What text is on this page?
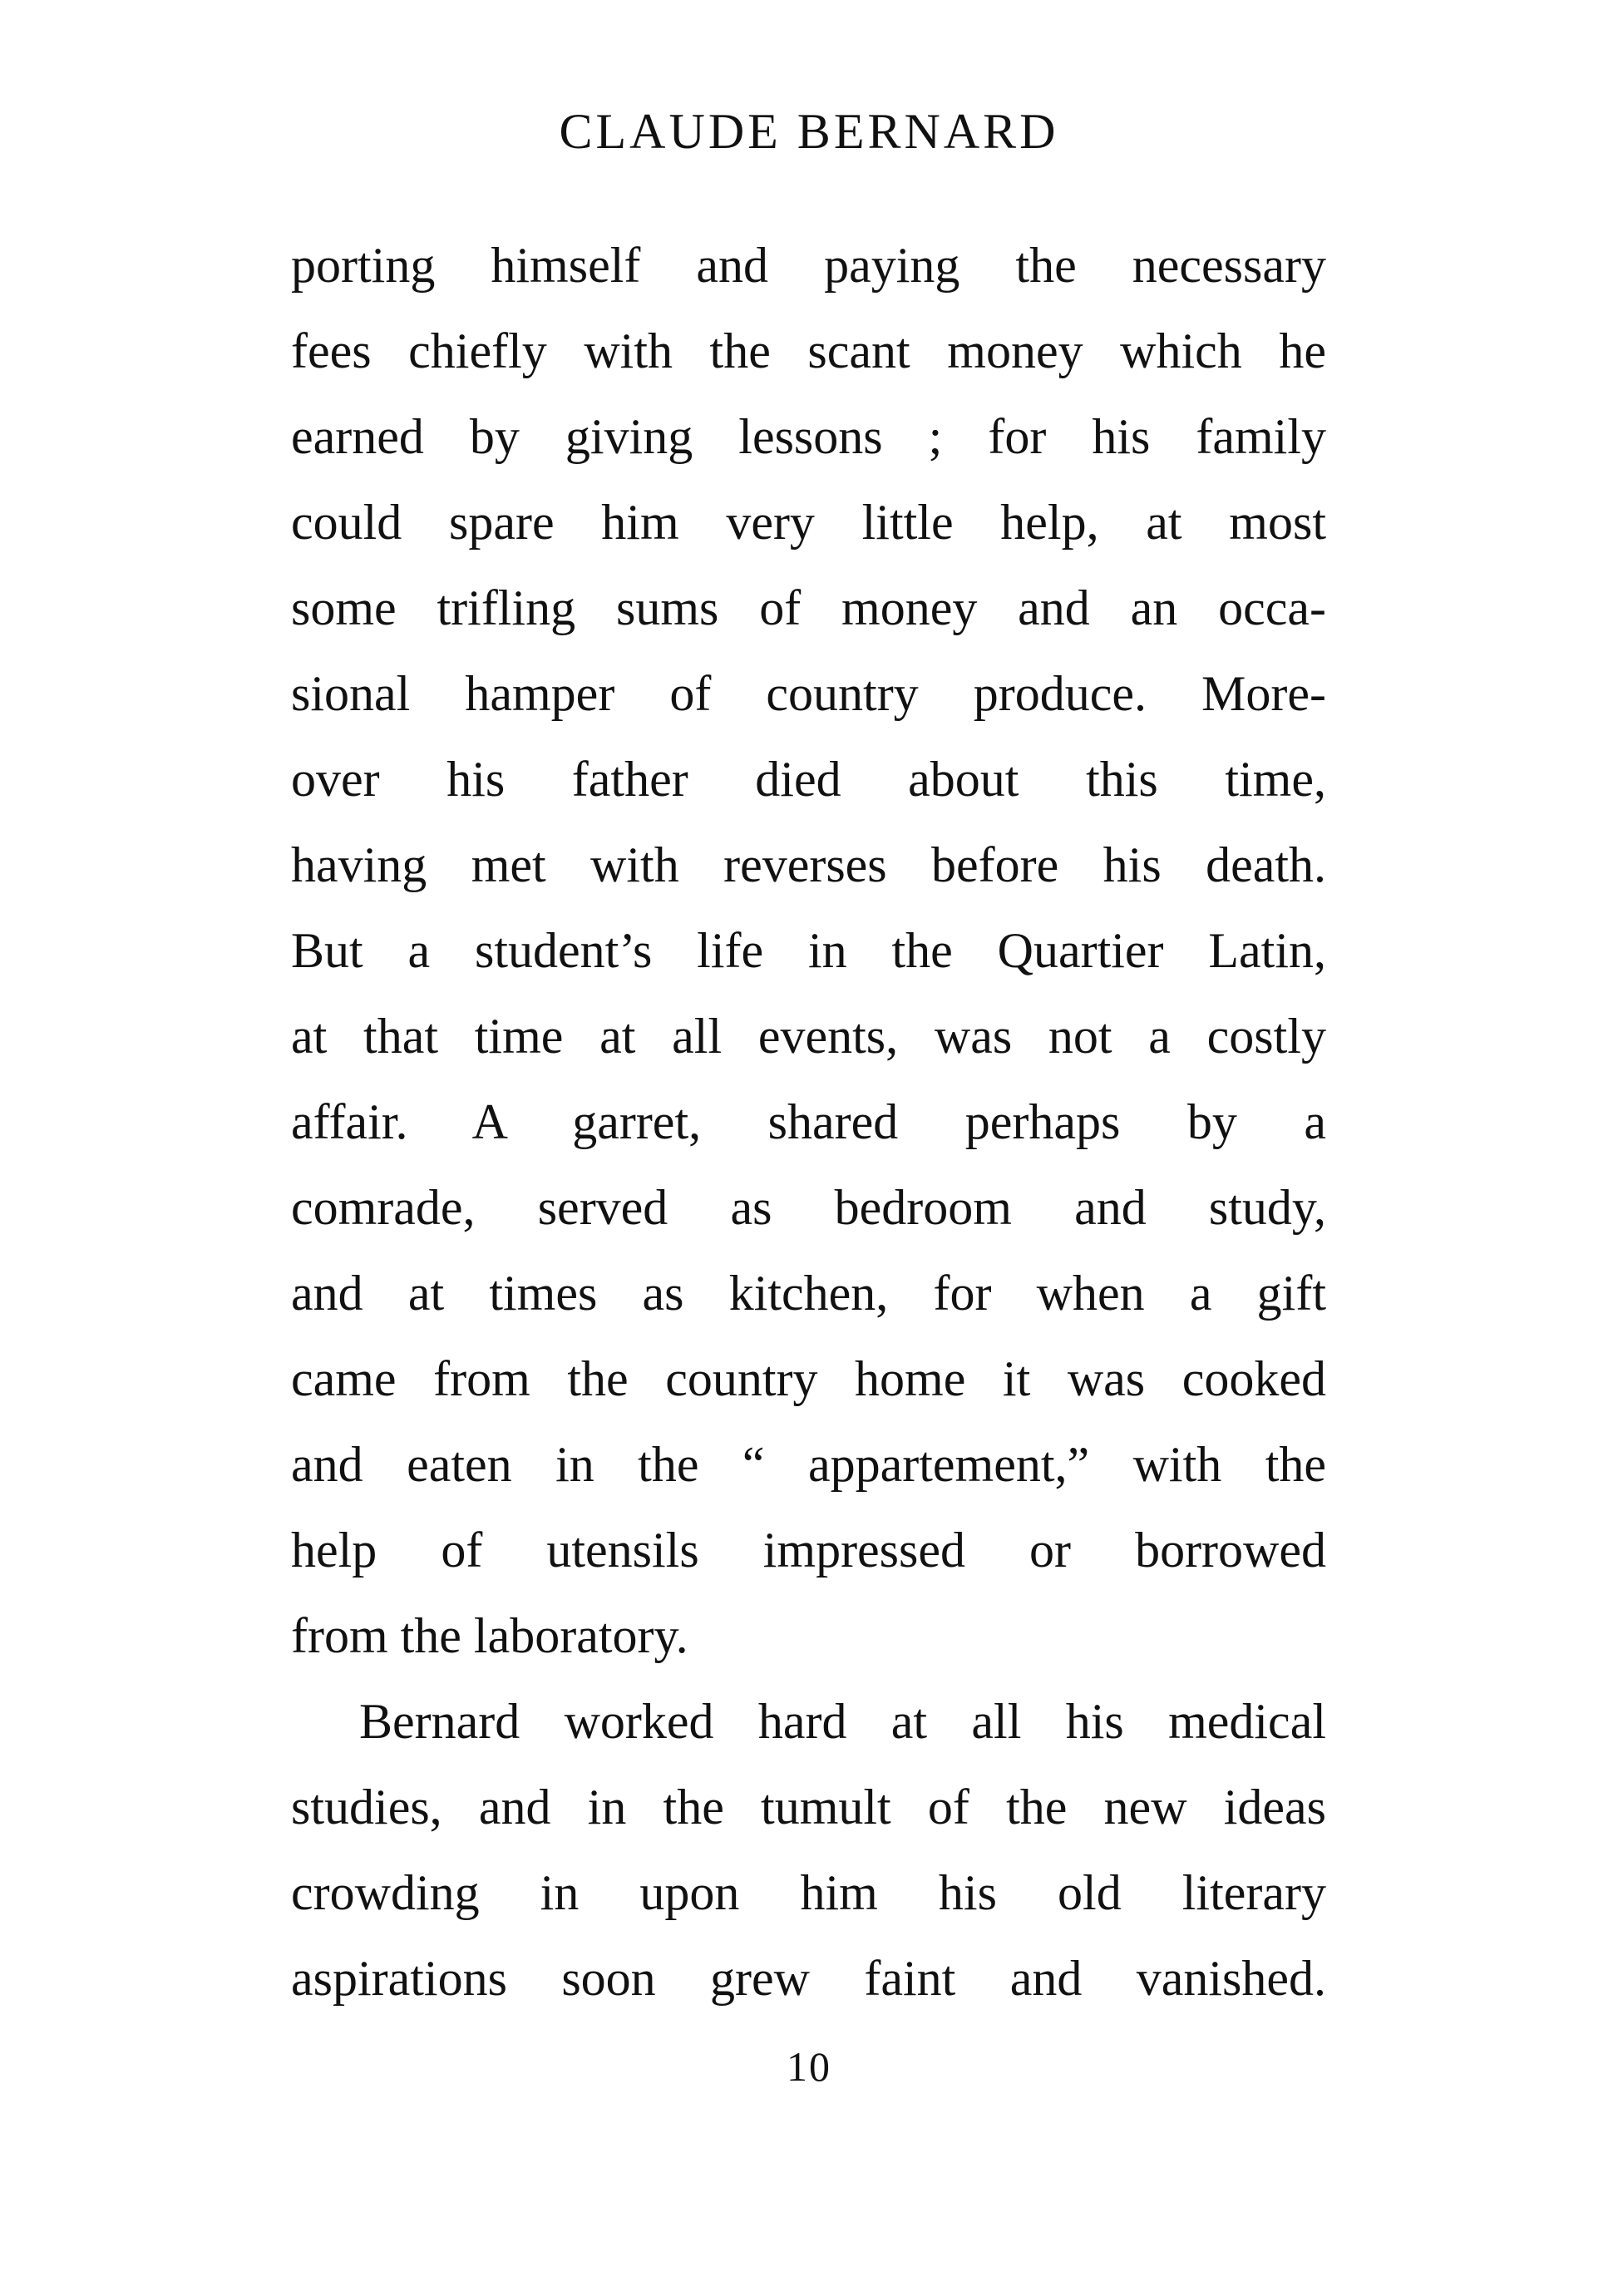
CLAUDE BERNARD

porting himself and paying the necessary
fees chiefly with the scant money which he
earned by giving lessons ; for his family
could spare him very little help, at most
some trifling sums of money and an occa-
sional hamper of country produce. More-
over his father died about this time,
having met with reverses before his death.
But a student’s life in the Quartier Latin,
at that time at all events, was not a costly
affair. A garret, shared perhaps by a
comrade, served as bedroom and study,
and at times as kitchen, for when a gift
came from the country home it was cooked
and eaten in the “ appartement,” with the
help of utensils impressed or borrowed
from the laboratory.

Bernard worked hard at all his medical
studies, and in the tumult of the new ideas
crowding in upon him his old literary
aspirations soon grew faint and vanished.

10
